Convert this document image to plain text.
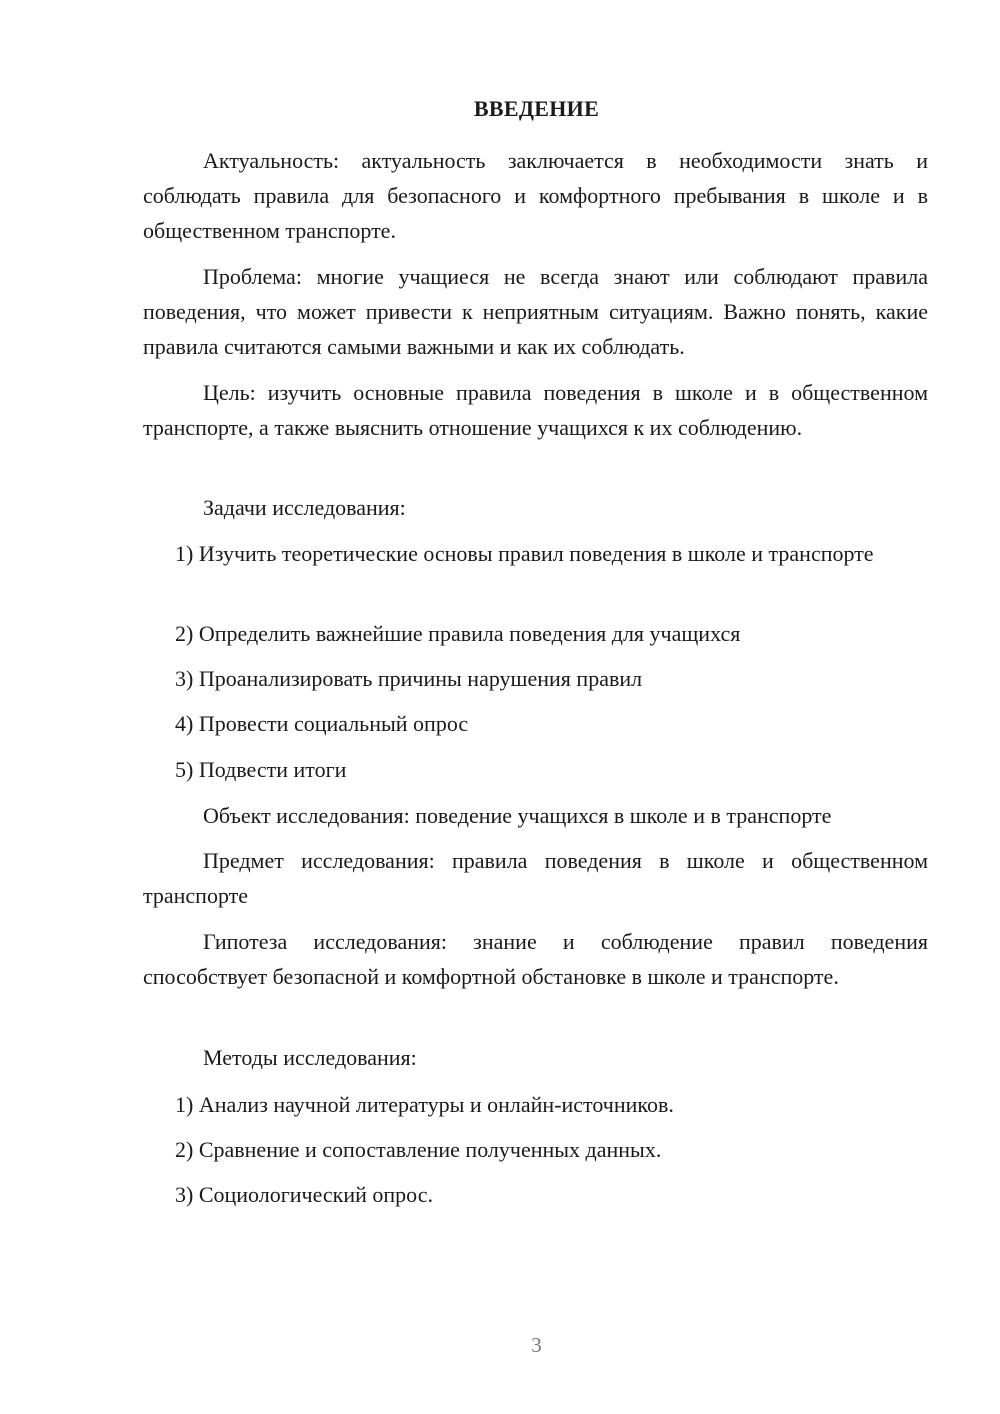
ВВЕДЕНИЕ

Актуальность: актуальность заключается в необходимости знать и соблюдать правила для безопасного и комфортного пребывания в школе и в общественном транспорте.

Проблема: многие учащиеся не всегда знают или соблюдают правила поведения, что может привести к неприятным ситуациям. Важно понять, какие правила считаются самыми важными и как их соблюдать.

Цель: изучить основные правила поведения в школе и в общественном транспорте, а также выяснить отношение учащихся к их соблюдению.

Задачи исследования:

1) Изучить теоретические основы правил поведения в школе и транспорте

2) Определить важнейшие правила поведения для учащихся

3) Проанализировать причины нарушения правил

4) Провести социальный опрос

5) Подвести итоги

Объект исследования: поведение учащихся в школе и в транспорте

Предмет исследования: правила поведения в школе и общественном транспорте

Гипотеза исследования: знание и соблюдение правил поведения способствует безопасной и комфортной обстановке в школе и транспорте.

Методы исследования:

1) Анализ научной литературы и онлайн-источников.

2) Сравнение и сопоставление полученных данных.

3) Социологический опрос.

3
